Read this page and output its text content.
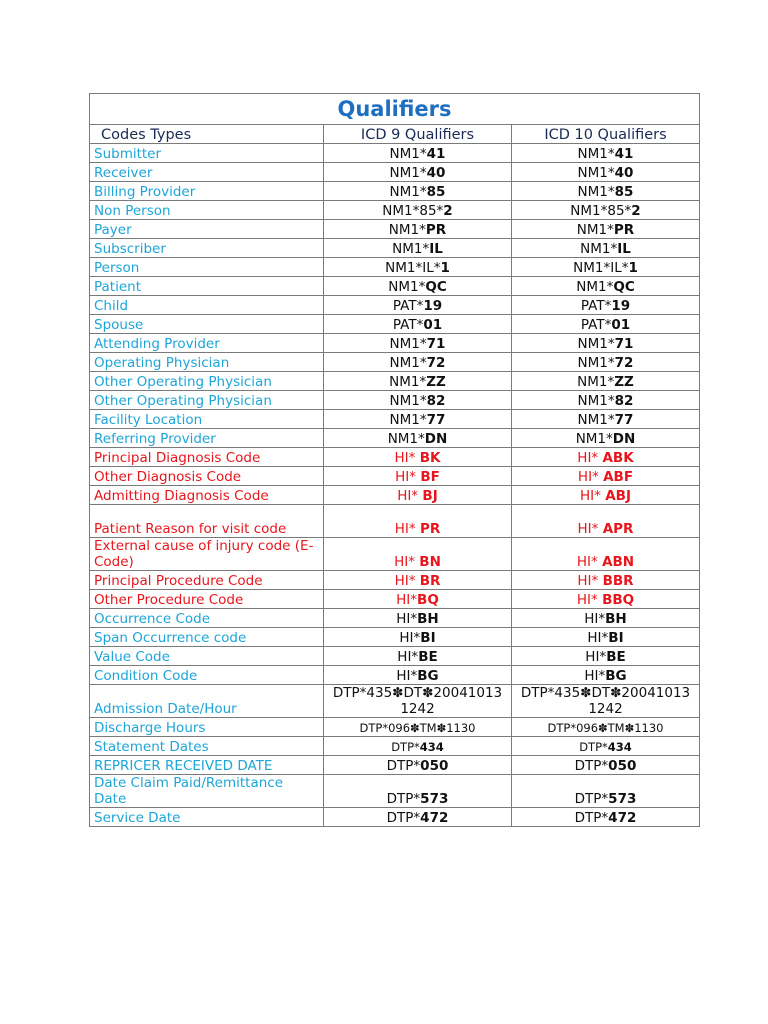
Qualifiers		
Codes Types	ICD 9 Qualifiers	ICD 10 Qualifiers
Submitter	NM1*41	NM1*41
Receiver	NM1*40	NM1*40
Billing Provider	NM1*85	NM1*85
Non Person	NM1*85*2	NM1*85*2
Payer	NM1*PR	NM1*PR
Subscriber	NM1*IL	NM1*IL
Person	NM1*IL*1	NM1*IL*1
Patient	NM1*QC	NM1*QC
Child	PAT*19	PAT*19
Spouse	PAT*01	PAT*01
Attending Provider	NM1*71	NM1*71
Operating Physician	NM1*72	NM1*72
Other Operating Physician	NM1*ZZ	NM1*ZZ
Other Operating Physician	NM1*82	NM1*82
Facility Location	NM1*77	NM1*77
Referring Provider	NM1*DN	NM1*DN
Principal Diagnosis Code	HI* BK	HI* ABK
Other Diagnosis Code	HI* BF	HI* ABF
Admitting Diagnosis Code	HI* BJ	HI* ABJ
Patient Reason for visit code	HI* PR	HI* APR
External cause of injury code (E-Code)	HI* BN	HI* ABN
Principal Procedure Code	HI* BR	HI* BBR
Other Procedure Code	HI*BQ	HI* BBQ
Occurrence Code	HI*BH	HI*BH
Span Occurrence code	HI*BI	HI*BI
Value Code	HI*BE	HI*BE
Condition Code	HI*BG	HI*BG
Admission Date/Hour	DTP*435✽DT✽20041013 1242	DTP*435✽DT✽20041013 1242
Discharge Hours	DTP*096✽TM✽1130	DTP*096✽TM✽1130
Statement Dates	DTP*434	DTP*434
REPRICER RECEIVED DATE	DTP*050	DTP*050
Date Claim Paid/Remittance Date	DTP*573	DTP*573
Service Date	DTP*472	DTP*472
